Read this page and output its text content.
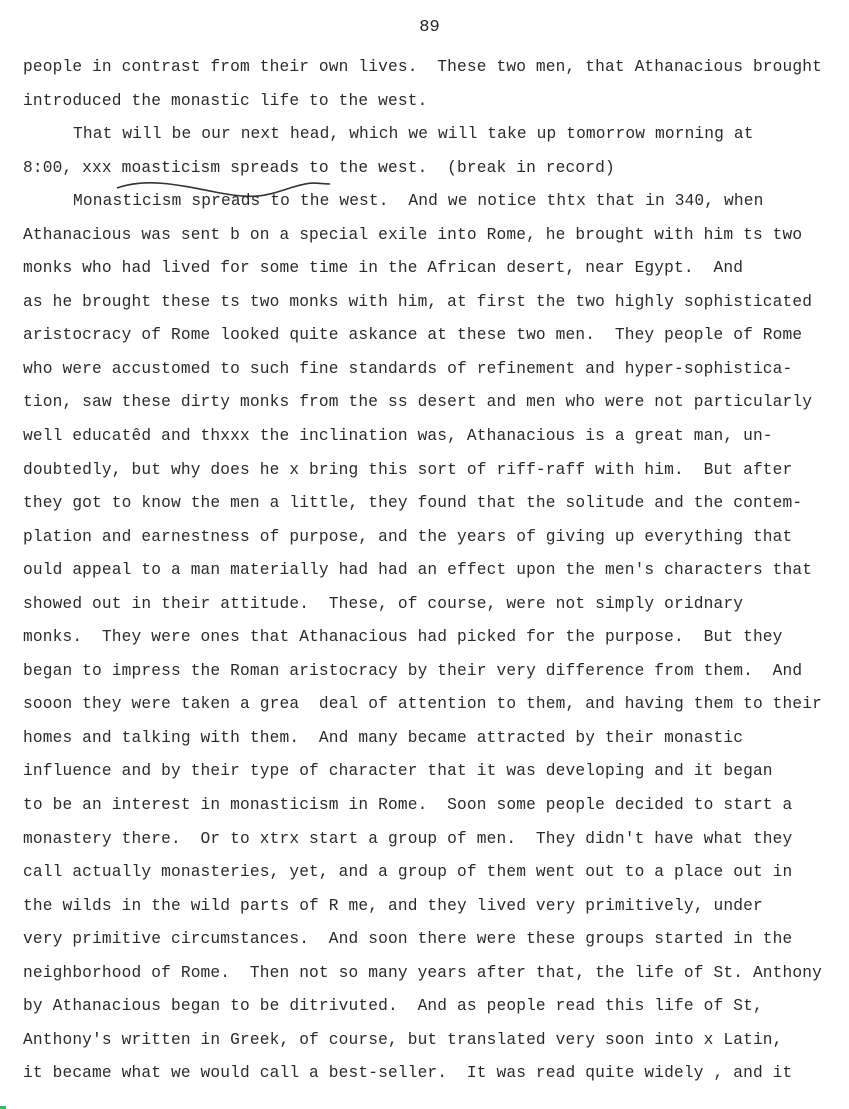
89
people in contrast from their own lives.  These two men, that Athanacious brought
introduced the monastic life to the west.
That will be our next head, which we will take up tomorrow morning at
8:00, xxx moasticism spreads to the west.  (break in record)
Monasticism spreads to the west.  And we notice thtx that in 340, when
Athanacious was sent b on a special exile into Rome, he brought with him ts two
monks who had lived for some time in the African desert, near Egypt.  And
as he brought these ts two monks with him, at first the two highly sophisticated
aristocracy of Rome looked quite askance at these two men.  They people of Rome
who were accustomed to such fine standards of refinement and hyper-sophistica-
tion, saw these dirty monks from the ss desert and men who were not particularly
well educatêd and thxxx the inclination was, Athanacious is a great man, un-
doubtedly, but why does he x bring this sort of riff-raff with him.  But after
they got to know the men a little, they found that the solitude and the contem-
plation and earnestness of purpose, and the years of giving up everything that
ould appeal to a man materially had had an effect upon the men's characters that
showed out in their attitude.  These, of course, were not simply oridnary
monks.  They were ones that Athanacious had picked for the purpose.  But they
began to impress the Roman aristocracy by their very difference from them.  And
sooon they were taken a grea  deal of attention to them, and having them to their
homes and talking with them.  And many became attracted by their monastic
influence and by their type of character that it was developing and it began
to be an interest in monasticism in Rome.  Soon some people decided to start a
monastery there.  Or to xtrx start a group of men.  They didn't have what they
call actually monasteries, yet, and a group of them went out to a place out in
the wilds in the wild parts of R me, and they lived very primitively, under
very primitive circumstances.  And soon there were these groups started in the
neighborhood of Rome.  Then not so many years after that, the life of St. Anthony
by Athanacious began to be ditrivuted.  And as people read this life of St,
Anthony's written in Greek, of course, but translated very soon into x Latin,
it became what we would call a best-seller.  It was read quite widely , and it
